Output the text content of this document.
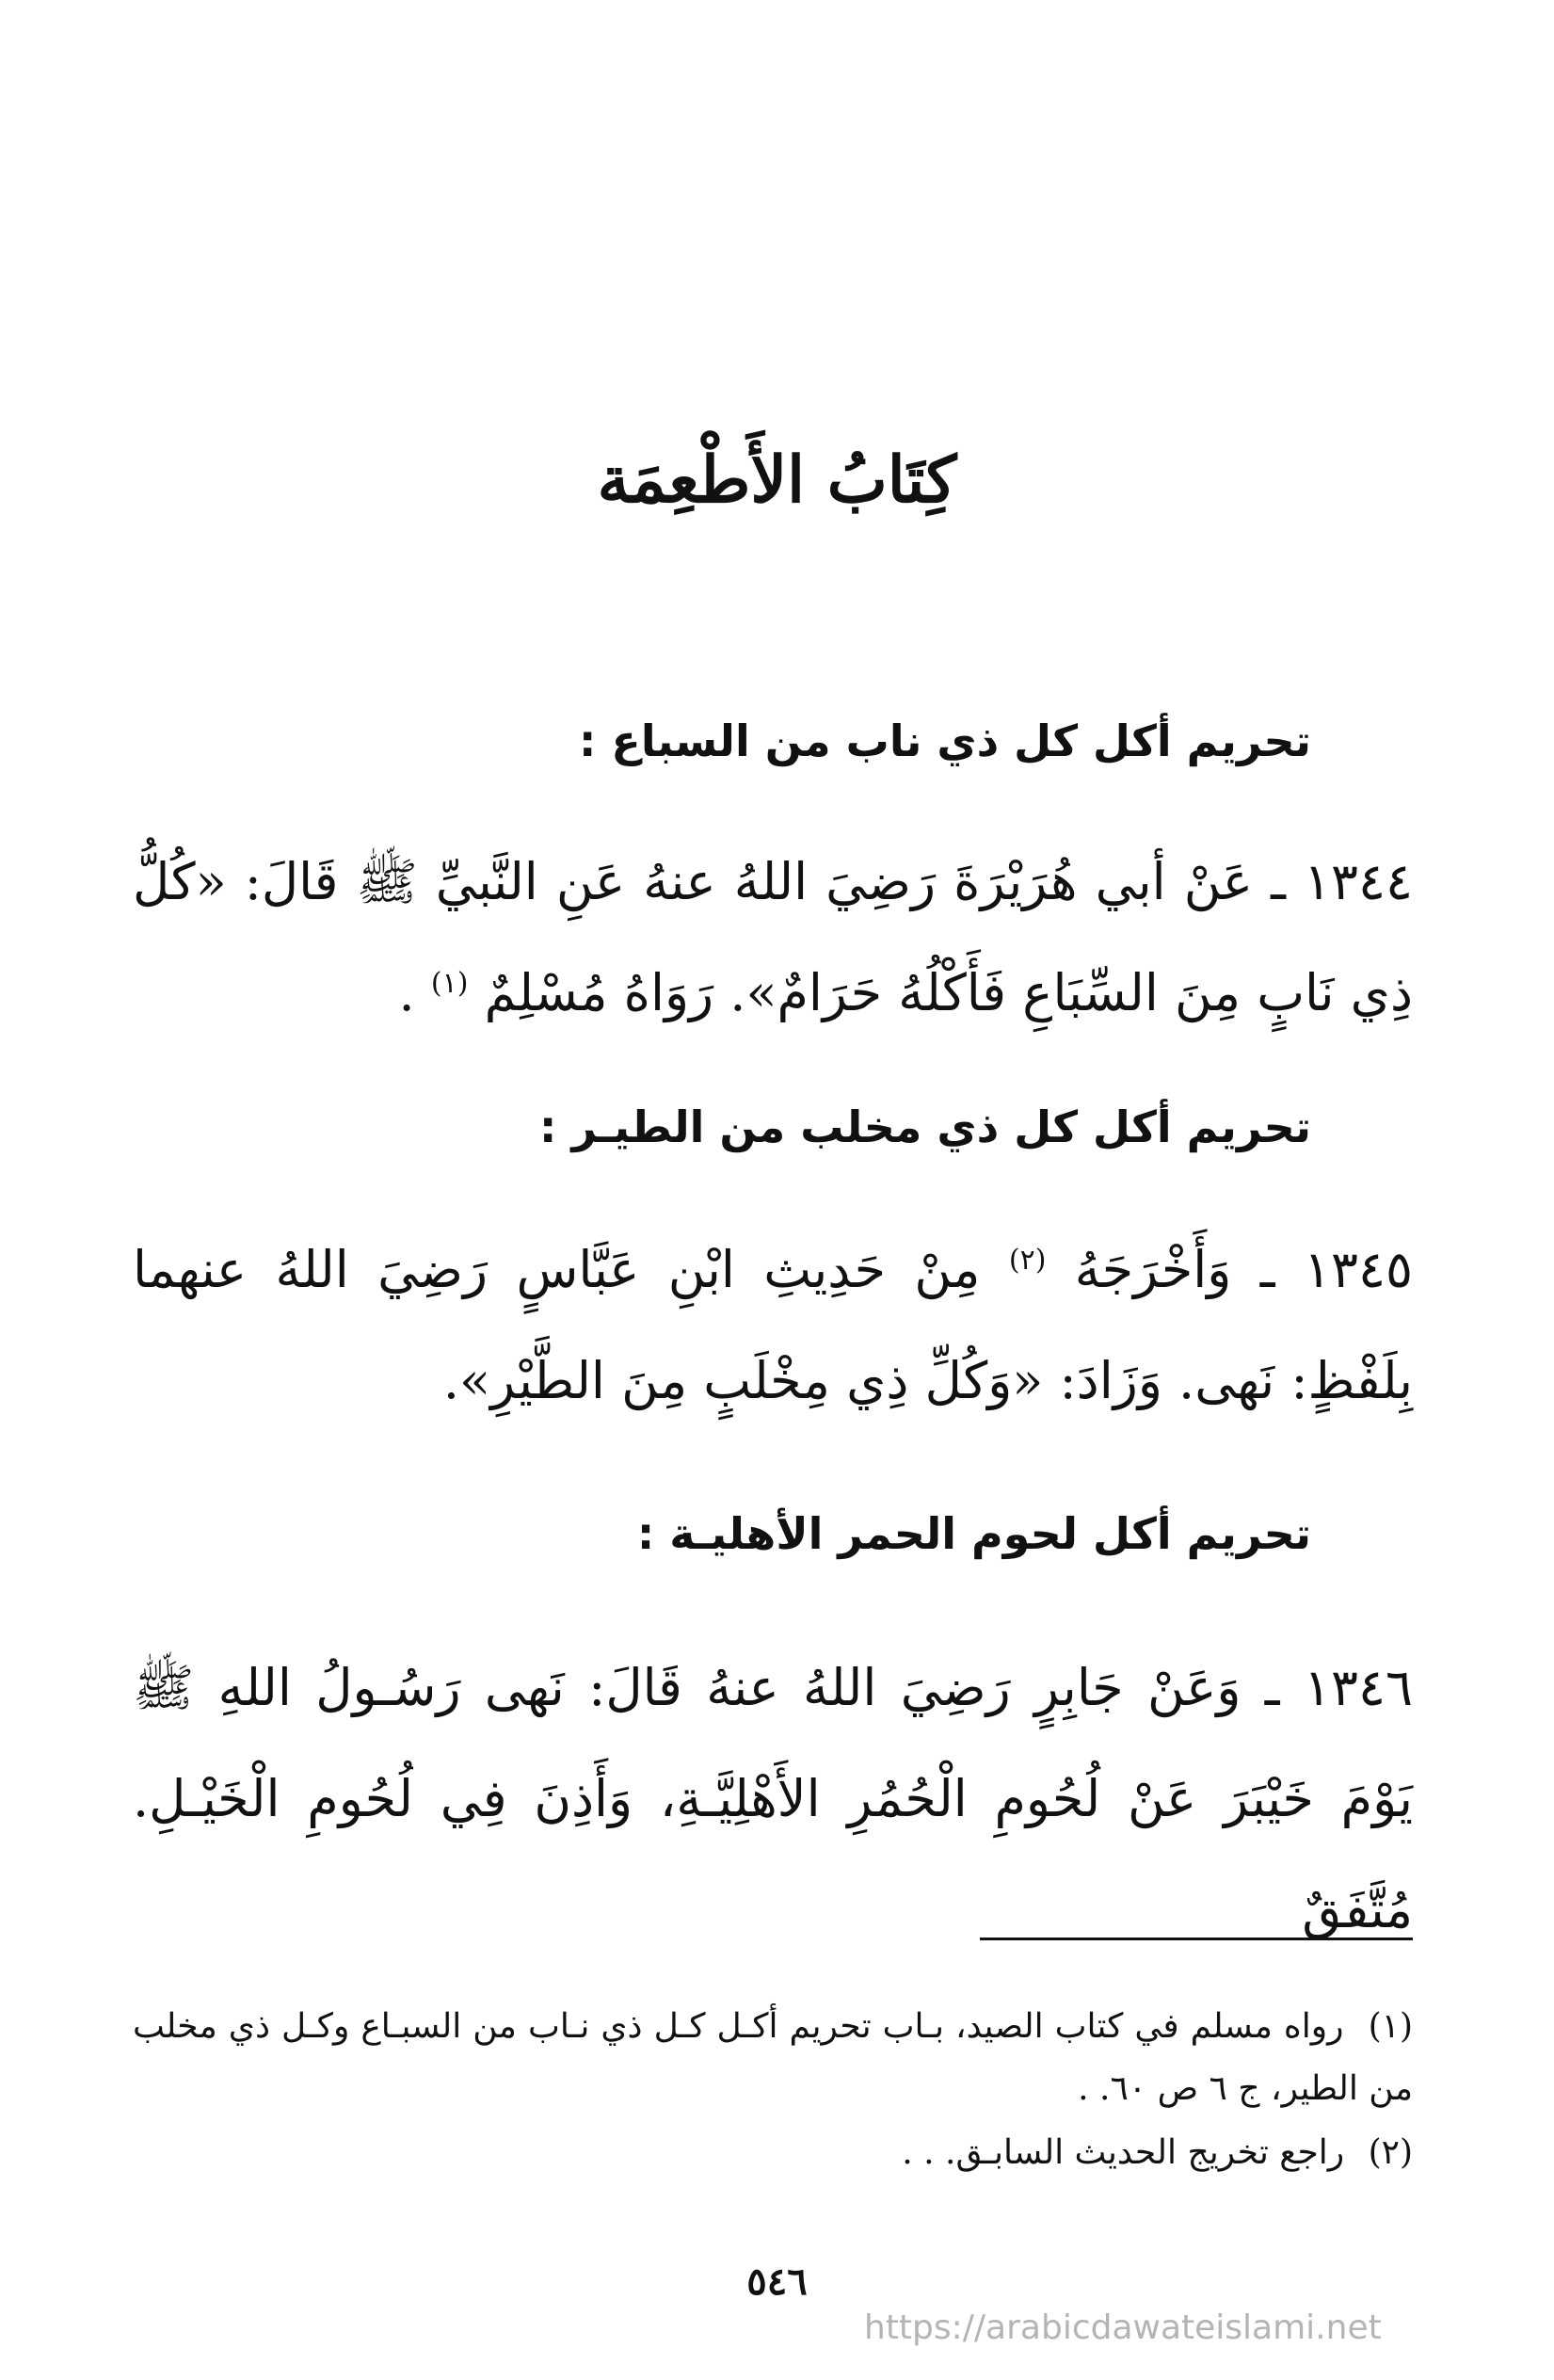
كِتَابُ الأَطْعِمَة
تحريم أكل كل ذي ناب من السباع :

١٣٤٤ ـ عَنْ أبي هُرَيْرَةَ رَضِيَ اللهُ عنهُ عَنِ النَّبيِّ ﷺ قَالَ: «كُلُّ ذِي نَابٍ مِنَ السِّبَاعِ فَأَكْلُهُ حَرَامٌ». رَوَاهُ مُسْلِمٌ $^{(١)}$ .

تحريم أكل كل ذي مخلب من الطيـر :

١٣٤٥ ـ وَأَخْرَجَهُ $^{(٢)}$ مِنْ حَدِيثِ ابْنِ عَبَّاسٍ رَضِيَ اللهُ عنهما بِلَفْظٍ: نَهى. وَزَادَ: «وَكُلِّ ذِي مِخْلَبٍ مِنَ الطَّيْرِ».

تحريم أكل لحوم الحمر الأهليـة :

١٣٤٦ ـ وَعَنْ جَابِرٍ رَضِيَ اللهُ عنهُ قَالَ: نَهى رَسُـولُ اللهِ ﷺ يَوْمَ خَيْبَرَ عَنْ لُحُومِ الْحُمُرِ الأَهْلِيَّـةِ، وَأَذِنَ فِي لُحُومِ الْخَيْـلِ. مُتَّفَقٌ

(١) رواه مسلم في كتاب الصيد، بـاب تحريم أكـل كـل ذي نـاب من السبـاع وكـل ذي مخلب من الطير، ج ٦ ص ٦٠. .
(٢) راجع تخريج الحديث السابـق. . .

٥٤٦

https://arabicdawateislami.net
